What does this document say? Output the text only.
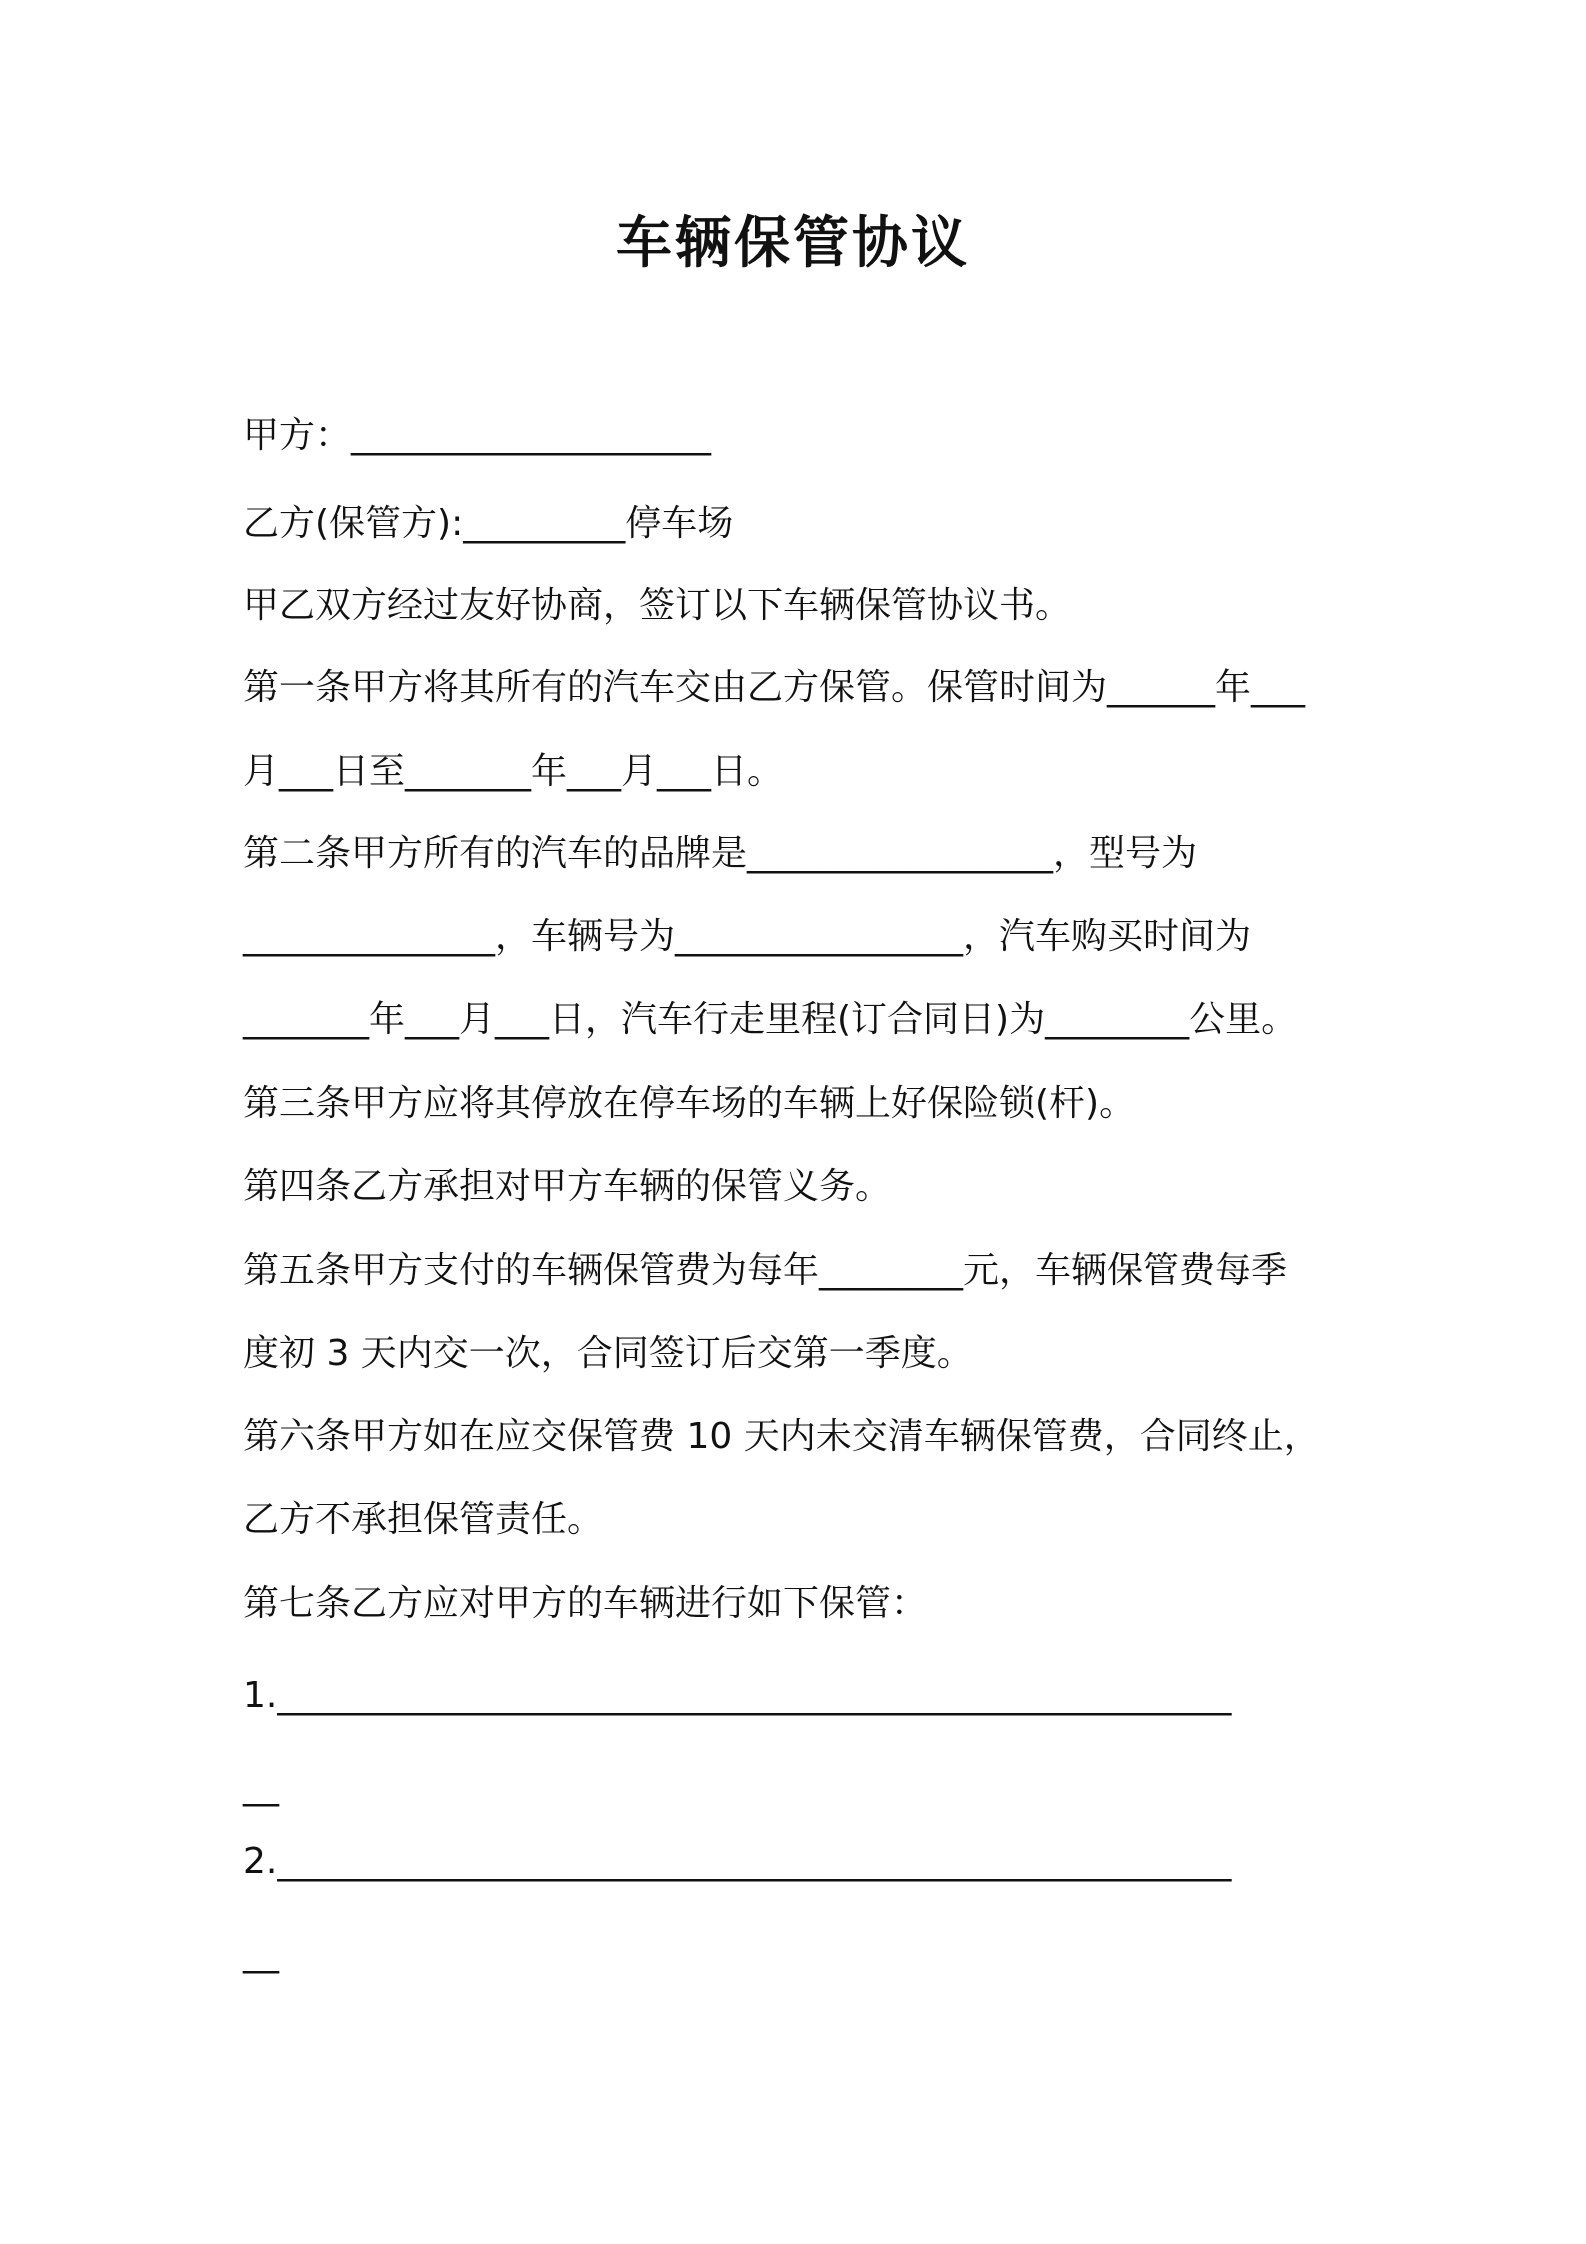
车辆保管协议
甲方：____________________
乙方(保管方):_________停车场
甲乙双方经过友好协商，签订以下车辆保管协议书。
第一条甲方将其所有的汽车交由乙方保管。保管时间为______年___
月___日至_______年___月___日。
第二条甲方所有的汽车的品牌是_________________，型号为
______________，车辆号为________________，汽车购买时间为
_______年___月___日，汽车行走里程(订合同日)为________公里。
第三条甲方应将其停放在停车场的车辆上好保险锁(杆)。
第四条乙方承担对甲方车辆的保管义务。
第五条甲方支付的车辆保管费为每年________元，车辆保管费每季
度初 3 天内交一次，合同签订后交第一季度。
第六条甲方如在应交保管费 10 天内未交清车辆保管费，合同终止，
乙方不承担保管责任。
第七条乙方应对甲方的车辆进行如下保管：
1._____________________________________________________
__
2._____________________________________________________
__
